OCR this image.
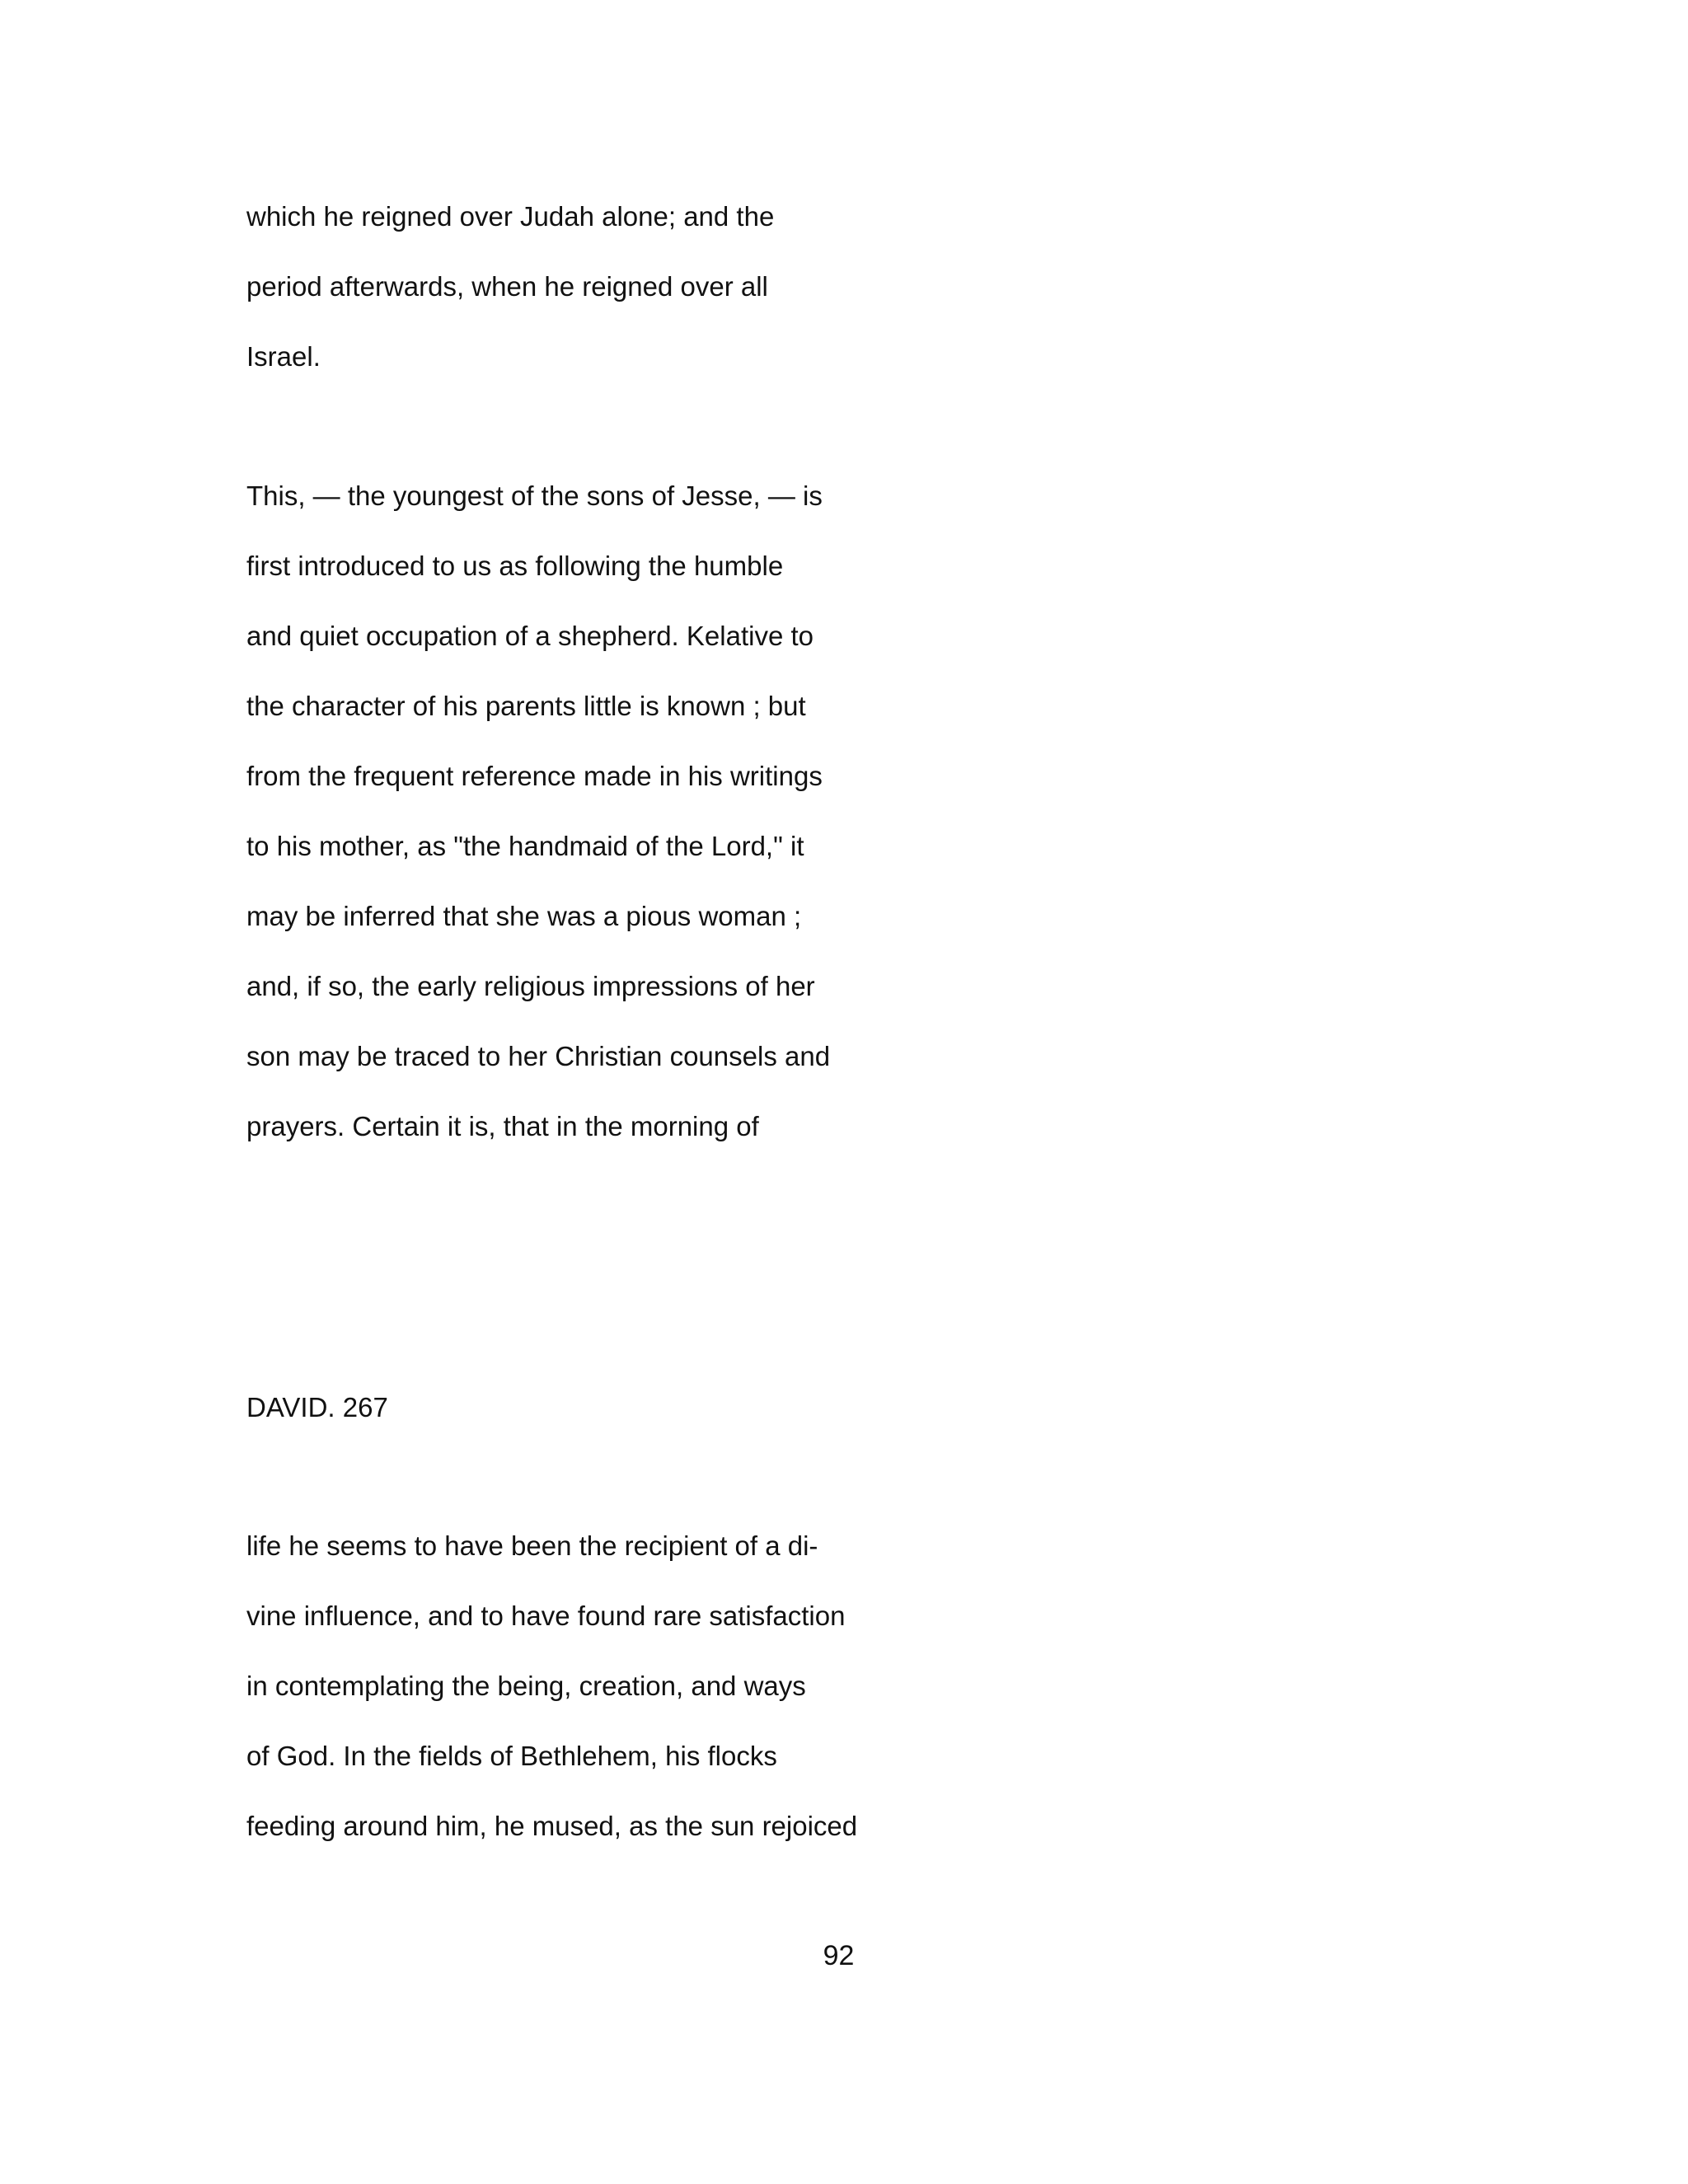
which he reigned over Judah alone; and the
period afterwards, when he reigned over all
Israel.
This, — the youngest of the sons of Jesse, — is
first introduced to us as following the humble
and quiet occupation of a shepherd. Kelative to
the character of his parents little is known ; but
from the frequent reference made in his writings
to his mother, as "the handmaid of the Lord," it
may be inferred that she was a pious woman ;
and, if so, the early religious impressions of her
son may be traced to her Christian counsels and
prayers. Certain it is, that in the morning of
DAVID. 267
life he seems to have been the recipient of a di-
vine influence, and to have found rare satisfaction
in contemplating the being, creation, and ways
of God. In the fields of Bethlehem, his flocks
feeding around him, he mused, as the sun rejoiced
92
